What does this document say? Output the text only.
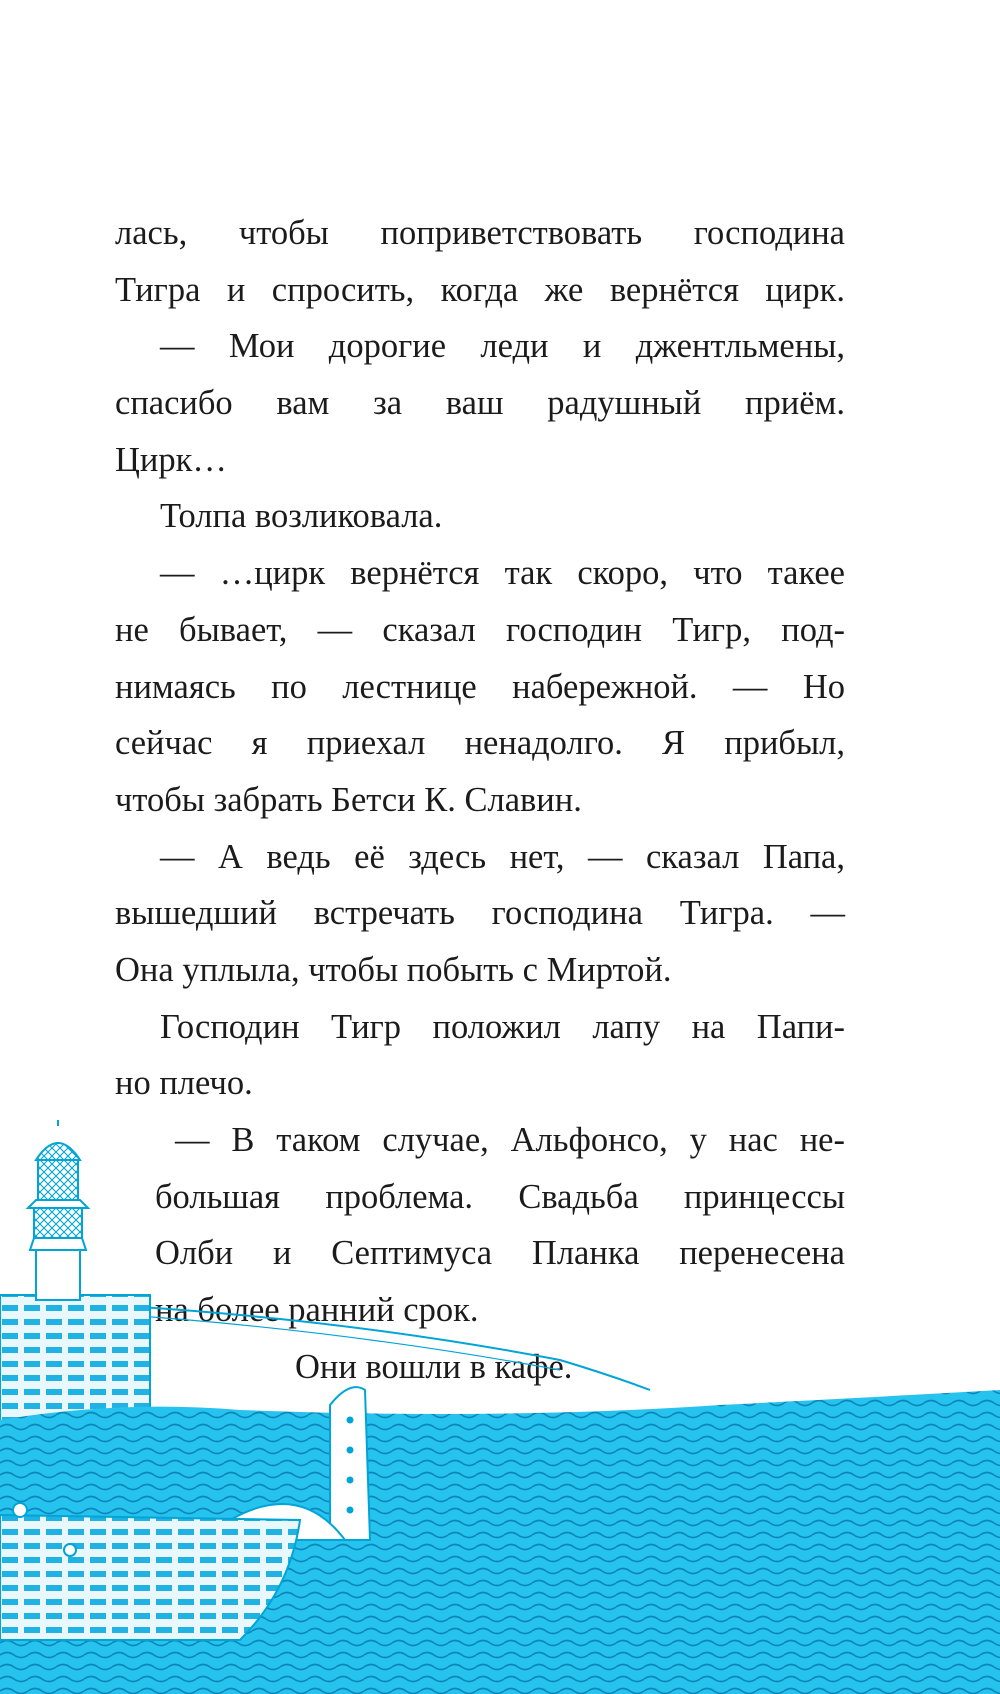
лась, чтобы поприветствовать господина
Тигра и спросить, когда же вернётся цирк.
— Мои дорогие леди и джентльмены,
спасибо вам за ваш радушный приём.
Цирк…
Толпа возликовала.
— …цирк вернётся так скоро, что такее
не бывает, — сказал господин Тигр, под-
нимаясь по лестнице набережной. — Но
сейчас я приехал ненадолго. Я прибыл,
чтобы забрать Бетси К. Славин.
— А ведь её здесь нет, — сказал Папа,
вышедший встречать господина Тигра. —
Она уплыла, чтобы побыть с Миртой.
Господин Тигр положил лапу на Папи-
но плечо.
— В таком случае, Альфонсо, у нас не-
большая проблема. Свадьба принцессы
Олби и Септимуса Планка перенесена
на более ранний срок.
Они вошли в кафе.
